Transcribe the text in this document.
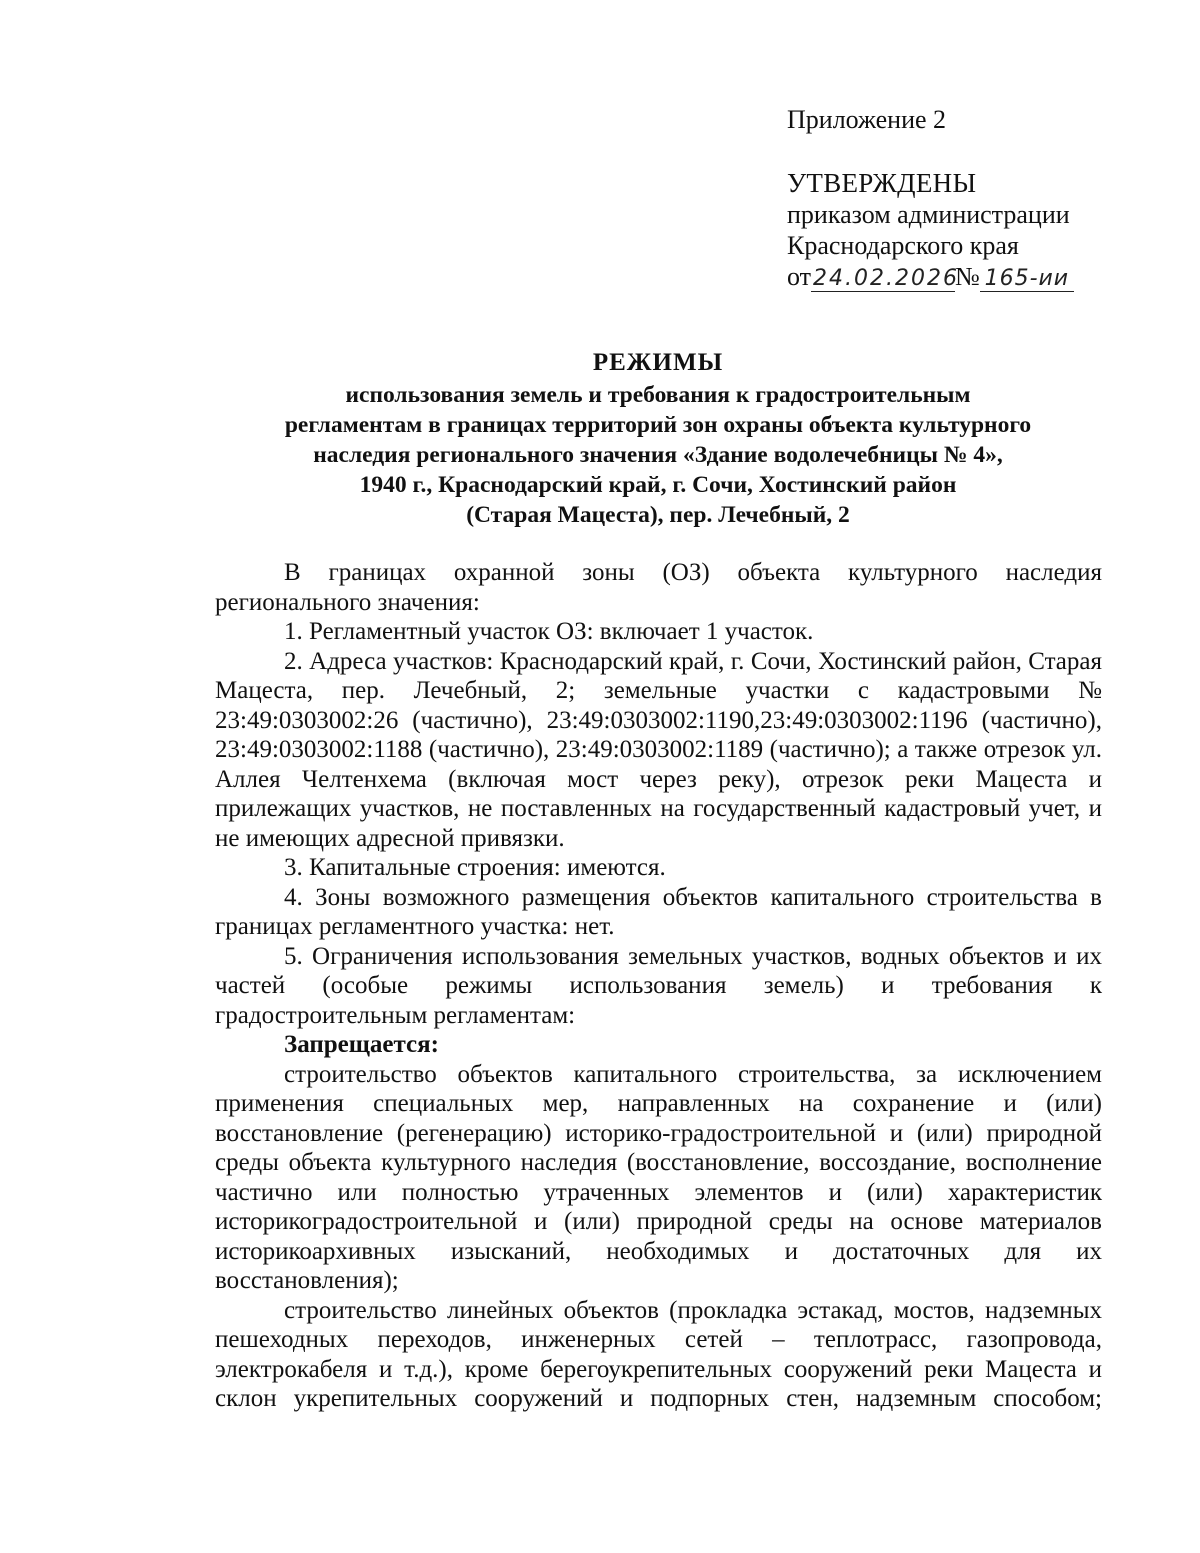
Приложение 2

УТВЕРЖДЕНЫ

приказом администрации

Краснодарского края

от24.02.2026№ 165-ии

РЕЖИМЫ

использования земель и требования к градостроительным

регламентам в границах территорий зон охраны объекта культурного

наследия регионального значения «Здание водолечебницы № 4»,

1940 г., Краснодарский край, г. Сочи, Хостинский район

(Старая Мацеста), пер. Лечебный, 2

В границах охранной зоны (ОЗ) объекта культурного наследия регионального значения:

1. Регламентный участок ОЗ: включает 1 участок.

2. Адреса участков: Краснодарский край, г. Сочи, Хостинский район, Старая Мацеста, пер. Лечебный, 2; земельные участки с кадастровыми № 23:49:0303002:26 (частично), 23:49:0303002:1190,23:49:0303002:1196 (частично), 23:49:0303002:1188 (частично), 23:49:0303002:1189 (частично); а также отрезок ул. Аллея Челтенхема (включая мост через реку), отрезок реки Мацеста и прилежащих участков, не поставленных на государственный кадастровый учет, и не имеющих адресной привязки.

3. Капитальные строения: имеются.

4. Зоны возможного размещения объектов капитального строительства в границах регламентного участка: нет.

5. Ограничения использования земельных участков, водных объектов и их частей (особые режимы использования земель) и требования к градостроительным регламентам:

Запрещается:

строительство объектов капитального строительства, за исключением применения специальных мер, направленных на сохранение и (или) восстановление (регенерацию) историко-градостроительной и (или) природной среды объекта культурного наследия (восстановление, воссоздание, восполнение частично или полностью утраченных элементов и (или) характеристик историкоградостроительной и (или) природной среды на основе материалов историкоархивных изысканий, необходимых и достаточных для их восстановления);

строительство линейных объектов (прокладка эстакад, мостов, надземных пешеходных переходов, инженерных сетей – теплотрасс, газопровода, электрокабеля и т.д.), кроме берегоукрепительных сооружений реки Мацеста и склон укрепительных сооружений и подпорных стен, надземным способом;
